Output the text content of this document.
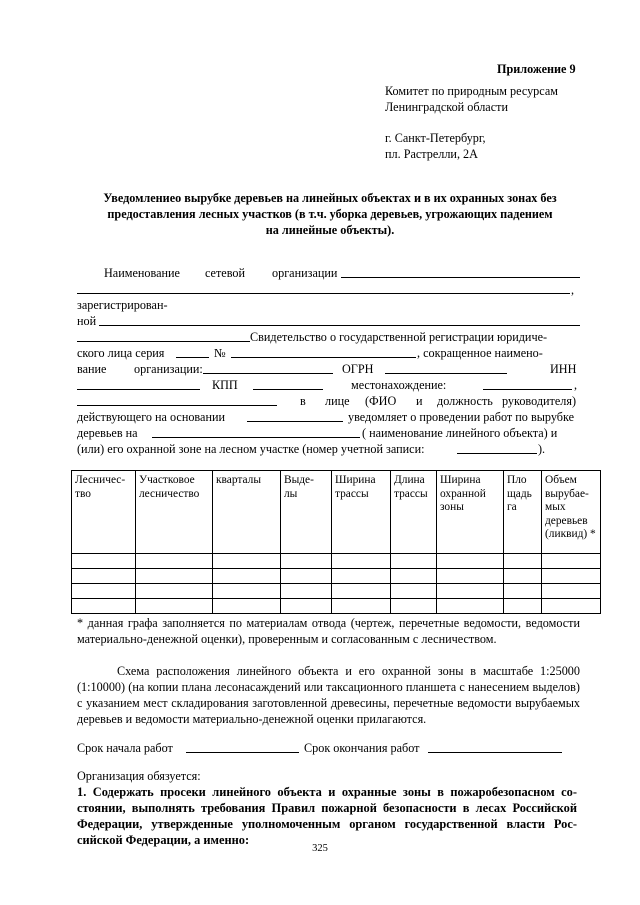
Приложение 9
Комитет по природным ресурсам
Ленинградской области
г. Санкт-Петербург,
пл. Растрелли, 2А
Уведомлениео вырубке деревьев на линейных объектах и в их охранных зонах без
предоставления лесных участков (в т.ч. уборка деревьев, угрожающих падением
на линейные объекты).
Наименование сетевой организации
,
зарегистрирован-
ной
Свидетельство о государственной регистрации юридиче-
ского лица серия	№	, сокращенное наимено-
вание организации:	ОГРН	ИНН
КПП	местонахождение:	,
в лице (ФИО и должность руководителя)
действующего на основании	уведомляет о проведении работ по вырубке
деревьев на	( наименование линейного объекта) и
(или) его охранной зоне на лесном участке (номер учетной записи:	).
Лесничес-тво	Участковое лесничество	кварталы	Выде-лы	Ширина трассы	Длина трассы	Ширина охранной зоны	Пло щадь га	Объем вырубае-мых деревьев (ликвид) *

* данная графа заполняется по материалам отвода (чертеж, перечетные ведомости, ведомости материально-денежной оценки), проверенным и согласованным с лесничеством.
Схема расположения линейного объекта и его охранной зоны в масштабе 1:25000 (1:10000) (на копии плана лесонасаждений или таксационного планшета с нанесением выделов) с указанием мест складирования заготовленной древесины, перечетные ведомости вырубаемых деревьев и ведомости материально-денежной оценки прилагаются.
Срок начала работ	Срок окончания работ
Организация обязуется:
1. Содержать просеки линейного объекта и охранные зоны в пожаробезопасном со-стоянии, выполнять требования Правил пожарной безопасности в лесах Российской Федерации, утвержденные уполномоченным органом государственной власти Рос-сийской Федерации, а именно:
325
